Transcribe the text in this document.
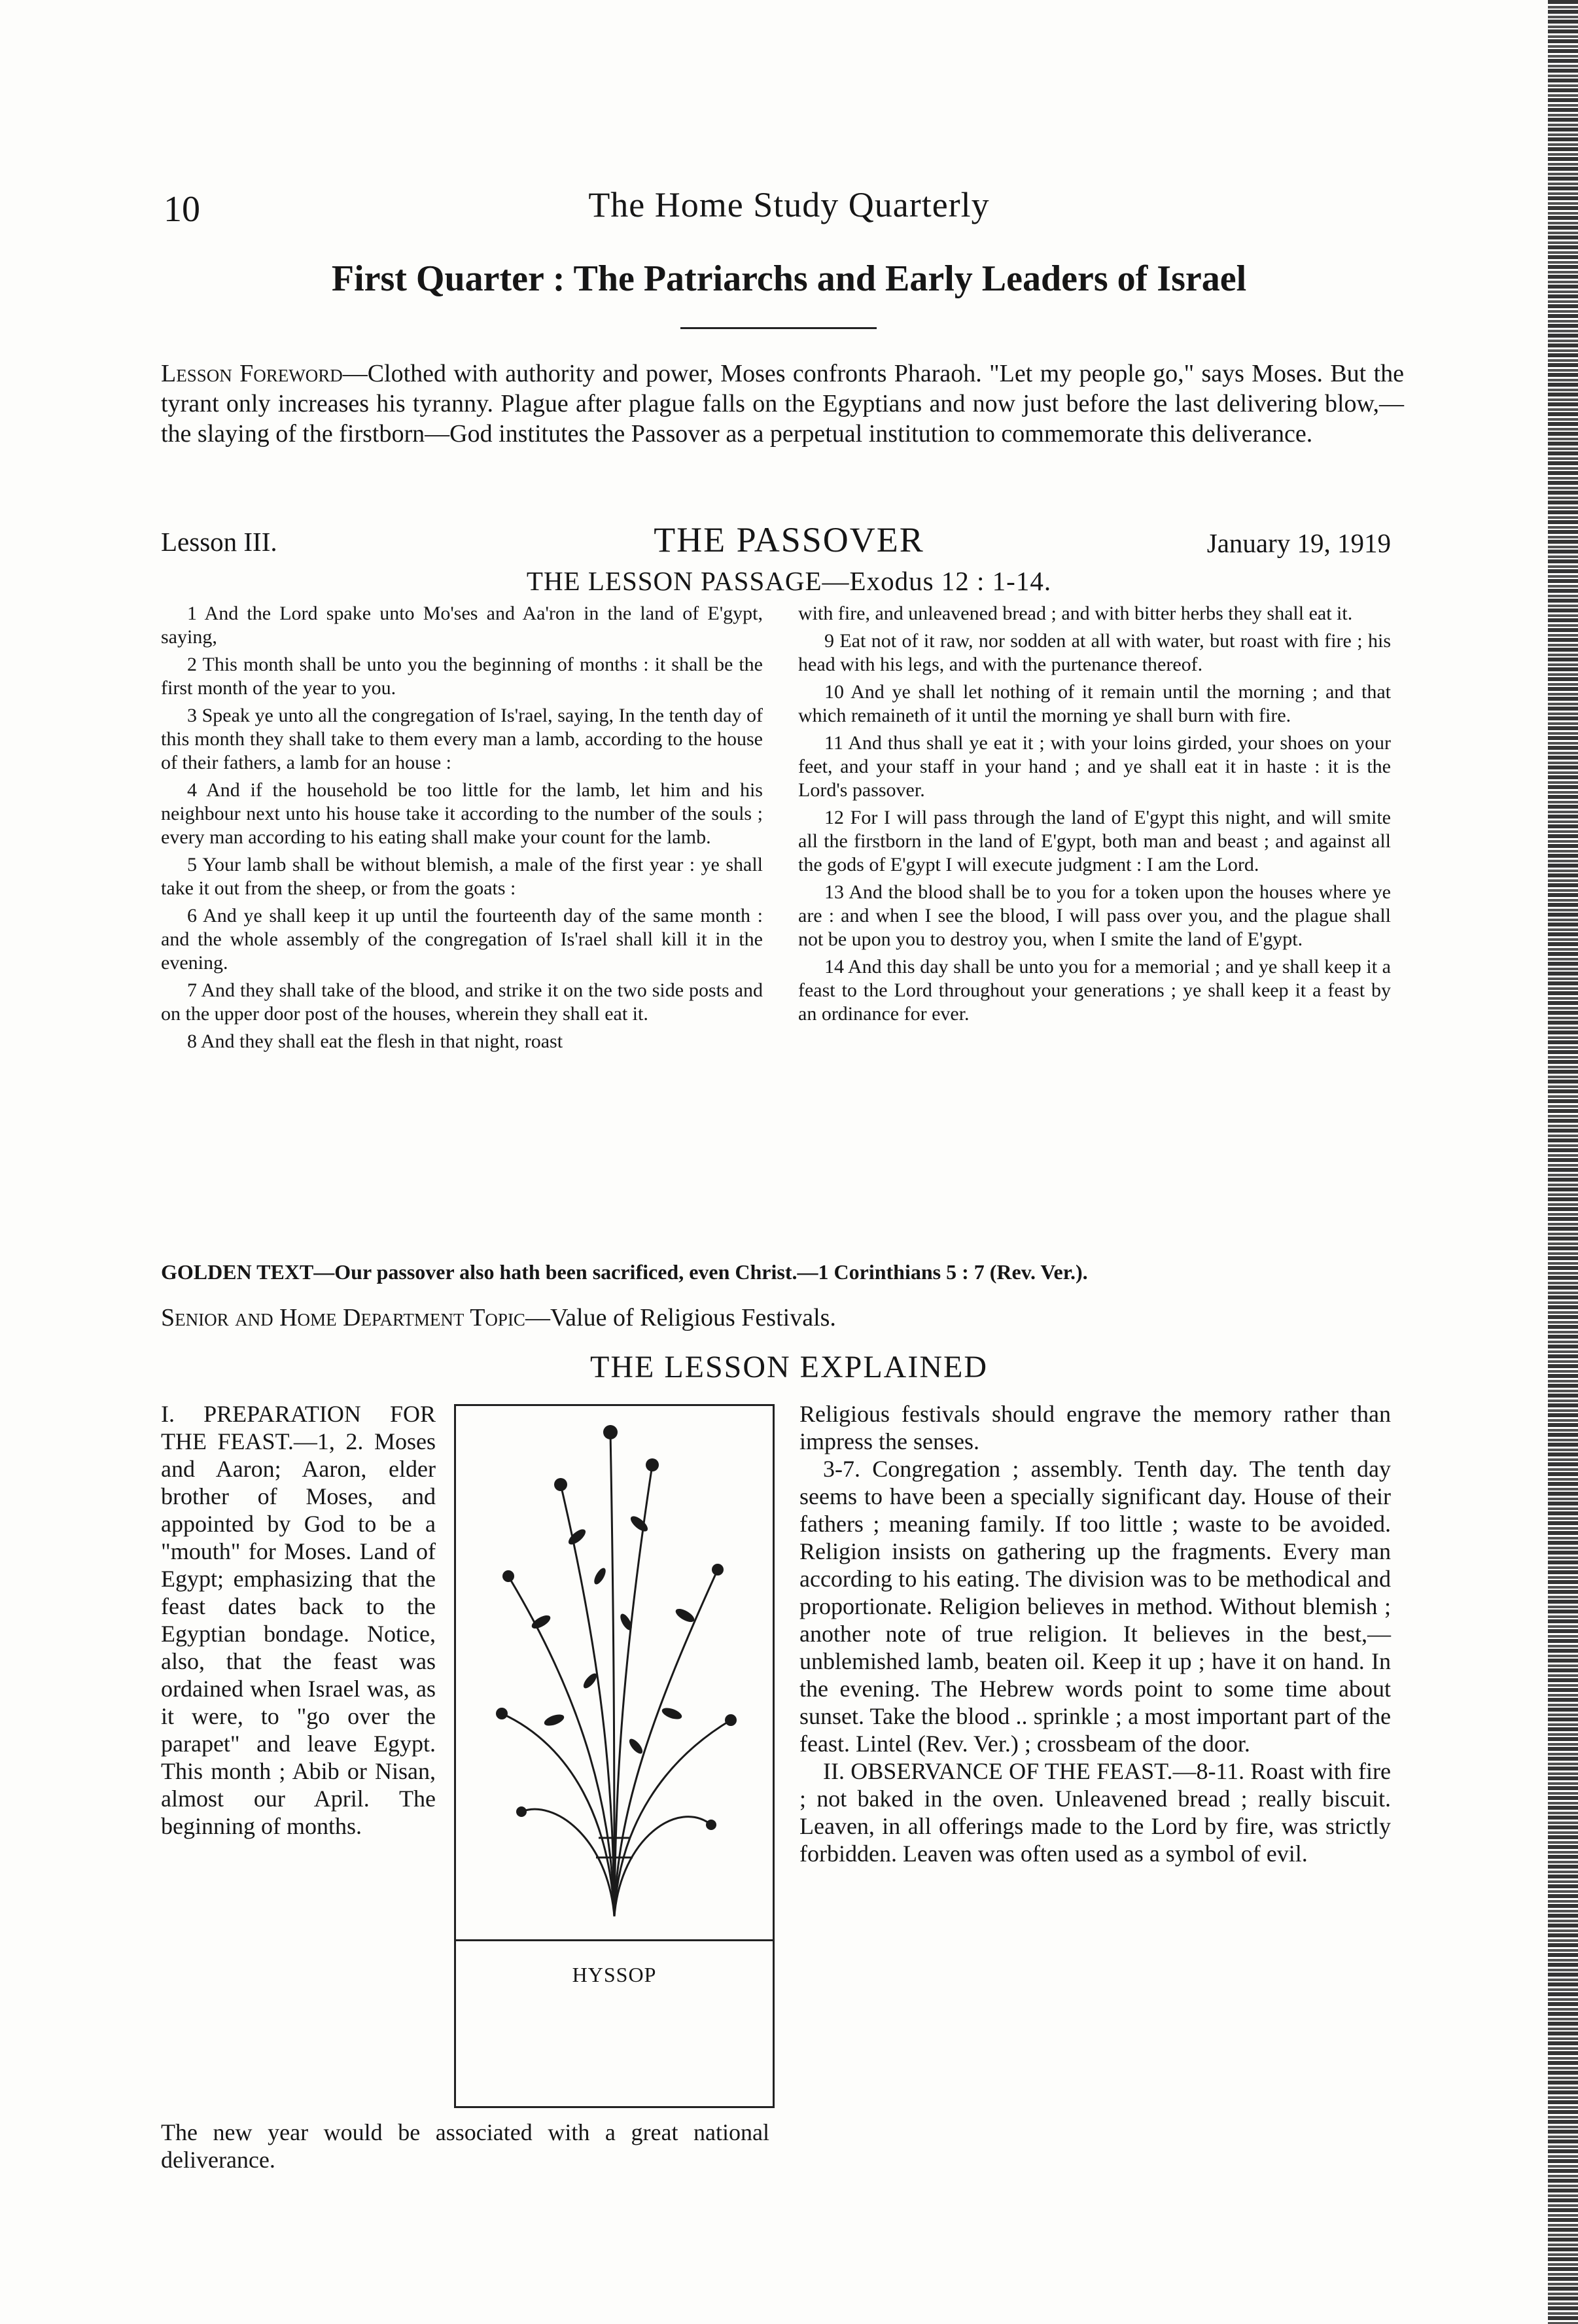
10	The Home Study Quarterly
First Quarter : The Patriarchs and Early Leaders of Israel
Lesson Foreword—Clothed with authority and power, Moses confronts Pharaoh. "Let my people go," says Moses. But the tyrant only increases his tyranny. Plague after plague falls on the Egyptians and now just before the last delivering blow,—the slaying of the firstborn—God institutes the Passover as a perpetual institution to commemorate this deliverance.
Lesson III.	THE PASSOVER	January 19, 1919
THE LESSON PASSAGE—Exodus 12 : 1-14.

1 And the Lord spake unto Mo'ses and Aa'ron in the land of E'gypt, saying,

2 This month shall be unto you the beginning of months : it shall be the first month of the year to you.

3 Speak ye unto all the congregation of Is'rael, saying, In the tenth day of this month they shall take to them every man a lamb, according to the house of their fathers, a lamb for an house :

4 And if the household be too little for the lamb, let him and his neighbour next unto his house take it according to the number of the souls ; every man according to his eating shall make your count for the lamb.

5 Your lamb shall be without blemish, a male of the first year : ye shall take it out from the sheep, or from the goats :

6 And ye shall keep it up until the fourteenth day of the same month : and the whole assembly of the congregation of Is'rael shall kill it in the evening.

7 And they shall take of the blood, and strike it on the two side posts and on the upper door post of the houses, wherein they shall eat it.

8 And they shall eat the flesh in that night, roast

with fire, and unleavened bread ; and with bitter herbs they shall eat it.

9 Eat not of it raw, nor sodden at all with water, but roast with fire ; his head with his legs, and with the purtenance thereof.

10 And ye shall let nothing of it remain until the morning ; and that which remaineth of it until the morning ye shall burn with fire.

11 And thus shall ye eat it ; with your loins girded, your shoes on your feet, and your staff in your hand ; and ye shall eat it in haste : it is the Lord's passover.

12 For I will pass through the land of E'gypt this night, and will smite all the firstborn in the land of E'gypt, both man and beast ; and against all the gods of E'gypt I will execute judgment : I am the Lord.

13 And the blood shall be to you for a token upon the houses where ye are : and when I see the blood, I will pass over you, and the plague shall not be upon you to destroy you, when I smite the land of E'gypt.

14 And this day shall be unto you for a memorial ; and ye shall keep it a feast to the Lord throughout your generations ; ye shall keep it a feast by an ordinance for ever.

GOLDEN TEXT—Our passover also hath been sacrificed, even Christ.—1 Corinthians 5 : 7 (Rev. Ver.).
Senior and Home Department Topic—Value of Religious Festivals.
THE LESSON EXPLAINED

I. PREPARATION FOR THE FEAST.—1, 2. Moses and Aaron; Aaron, elder brother of Moses, and appointed by God to be a "mouth" for Moses. Land of Egypt; emphasizing that the feast dates back to the Egyptian bondage. Notice, also, that the feast was ordained when Israel was, as it were, to "go over the parapet" and leave Egypt. This month ; Abib or Nisan, almost our April. The beginning of months.

The new year would be associated with a great national deliverance.
HYSSOP

Religious festivals should engrave the memory rather than impress the senses.

3-7. Congregation ; assembly. Tenth day. The tenth day seems to have been a specially significant day. House of their fathers ; meaning family. If too little ; waste to be avoided. Religion insists on gathering up the fragments. Every man according to his eating. The division was to be methodical and proportionate. Religion believes in method. Without blemish ; another note of true religion. It believes in the best,—unblemished lamb, beaten oil. Keep it up ; have it on hand. In the evening. The Hebrew words point to some time about sunset. Take the blood .. sprinkle ; a most important part of the feast. Lintel (Rev. Ver.) ; crossbeam of the door.

II. OBSERVANCE OF THE FEAST.—8-11. Roast with fire ; not baked in the oven. Unleavened bread ; really biscuit. Leaven, in all offerings made to the Lord by fire, was strictly forbidden. Leaven was often used as a symbol of evil.
